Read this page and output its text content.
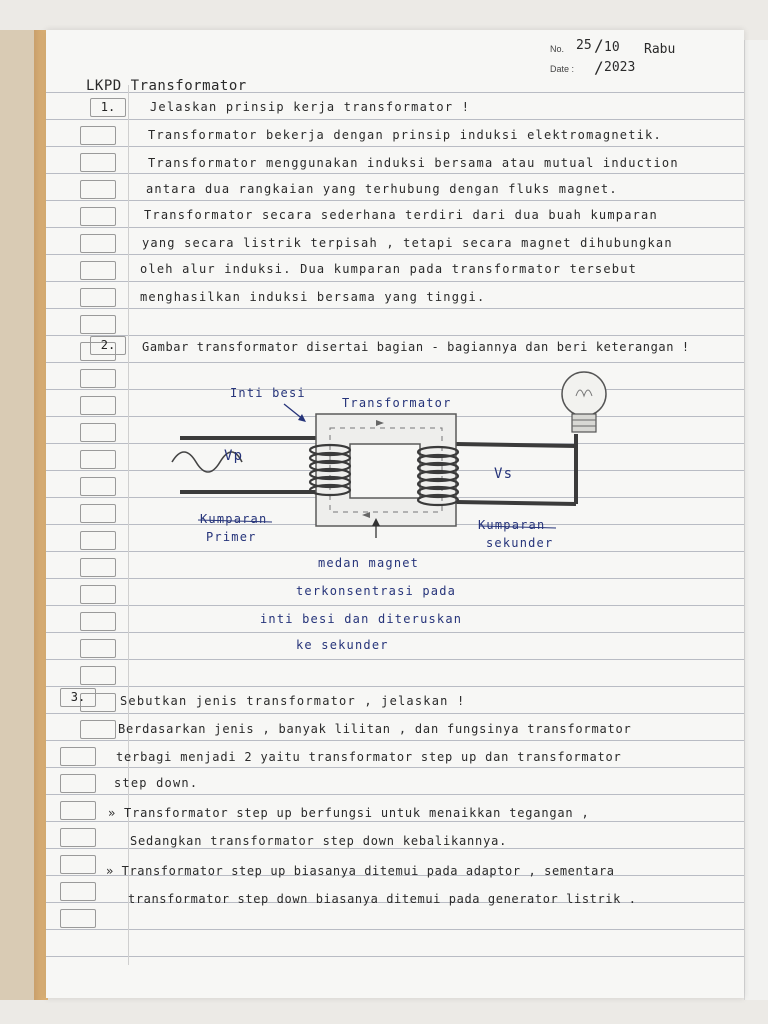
No.
Date :
25 / 10
/ 2023
Rabu
LKPD Transformator
1.	Jelaskan prinsip kerja transformator !
Transformator bekerja dengan prinsip induksi elektromagnetik.
Transformator menggunakan induksi bersama atau mutual induction
antara dua rangkaian yang terhubung dengan fluks magnet.
Transformator secara sederhana terdiri dari dua buah kumparan
yang secara listrik terpisah , tetapi secara magnet dihubungkan
oleh alur induksi. Dua kumparan pada transformator tersebut
menghasilkan induksi bersama yang tinggi.
2.	Gambar transformator disertai bagian - bagiannya dan beri keterangan !
Inti besi
Transformator
Vp
Vs
Kumparan
Primer
Kumparan
sekunder
medan magnet
terkonsentrasi pada
inti besi dan diteruskan
ke sekunder
3.	Sebutkan jenis transformator , jelaskan !
Berdasarkan jenis , banyak lilitan , dan fungsinya transformator
terbagi menjadi 2 yaitu transformator step up dan transformator
step down.
» Transformator step up berfungsi untuk menaikkan tegangan ,
Sedangkan transformator step down kebalikannya.
» Transformator step up biasanya ditemui pada adaptor , sementara
transformator step down biasanya ditemui pada generator listrik .
